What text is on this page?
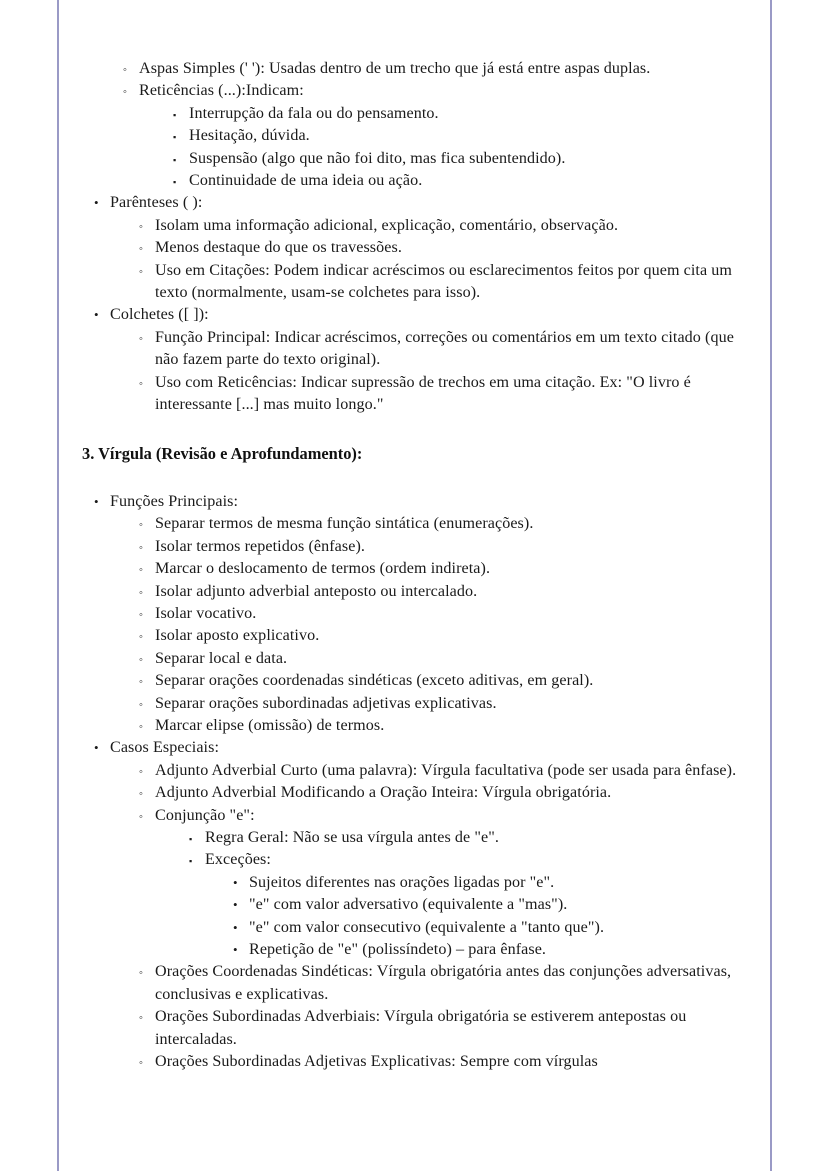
◦ Aspas Simples (' '): Usadas dentro de um trecho que já está entre aspas duplas.
◦ Reticências (...):Indicam:
▪ Interrupção da fala ou do pensamento.
▪ Hesitação, dúvida.
▪ Suspensão (algo que não foi dito, mas fica subentendido).
▪ Continuidade de uma ideia ou ação.
• Parênteses ( ):
◦ Isolam uma informação adicional, explicação, comentário, observação.
◦ Menos destaque do que os travessões.
◦ Uso em Citações: Podem indicar acréscimos ou esclarecimentos feitos por quem cita um texto (normalmente, usam-se colchetes para isso).
• Colchetes ([ ]):
◦ Função Principal: Indicar acréscimos, correções ou comentários em um texto citado (que não fazem parte do texto original).
◦ Uso com Reticências: Indicar supressão de trechos em uma citação. Ex: "O livro é interessante [...] mas muito longo."
3. Vírgula (Revisão e Aprofundamento):
• Funções Principais:
◦ Separar termos de mesma função sintática (enumerações).
◦ Isolar termos repetidos (ênfase).
◦ Marcar o deslocamento de termos (ordem indireta).
◦ Isolar adjunto adverbial anteposto ou intercalado.
◦ Isolar vocativo.
◦ Isolar aposto explicativo.
◦ Separar local e data.
◦ Separar orações coordenadas sindéticas (exceto aditivas, em geral).
◦ Separar orações subordinadas adjetivas explicativas.
◦ Marcar elipse (omissão) de termos.
• Casos Especiais:
◦ Adjunto Adverbial Curto (uma palavra): Vírgula facultativa (pode ser usada para ênfase).
◦ Adjunto Adverbial Modificando a Oração Inteira: Vírgula obrigatória.
◦ Conjunção "e":
▪ Regra Geral: Não se usa vírgula antes de "e".
▪ Exceções:
• Sujeitos diferentes nas orações ligadas por "e".
• "e" com valor adversativo (equivalente a "mas").
• "e" com valor consecutivo (equivalente a "tanto que").
• Repetição de "e" (polissíndeto) – para ênfase.
◦ Orações Coordenadas Sindéticas: Vírgula obrigatória antes das conjunções adversativas, conclusivas e explicativas.
◦ Orações Subordinadas Adverbiais: Vírgula obrigatória se estiverem antepostas ou intercaladas.
◦ Orações Subordinadas Adjetivas Explicativas: Sempre com vírgulas
